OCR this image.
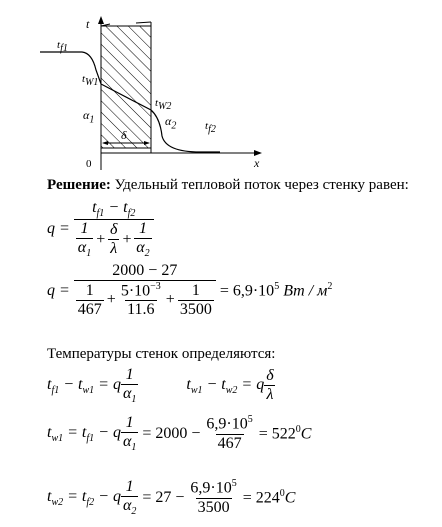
t
x
0
$t_{f1}$
$t_{W1}$
$t_{W2}$
$t_{f2}$
$\alpha_1$	$\alpha_2$
δ
Решение: Удельный тепловой поток через стенку равен:
$q = \frac{t_{f1} - t_{f2}}{\frac{1}{\alpha_1} + \frac{\delta}{\lambda} + \frac{1}{\alpha_2}}$
$q = \frac{2000 - 27}{\frac{1}{467} + \frac{5\cdot 10^{-3}}{11.6} + \frac{1}{3500}} = 6,9\cdot 10^5$ Вт / $м^2$
Температуры стенок определяются:
$t_{f1} - t_{w1} = q \frac{1}{\alpha_1}$	$t_{w1} - t_{w2} = q \frac{\delta}{\lambda}$
$t_{w1} = t_{f1} - q \frac{1}{\alpha_1} = 2000 - \frac{6,9\cdot 10^5}{467} = 522^0C$
$t_{w2} = t_{f2} - q \frac{1}{\alpha_2} = 27 - \frac{6,9\cdot 10^5}{3500} = 224^0C$
